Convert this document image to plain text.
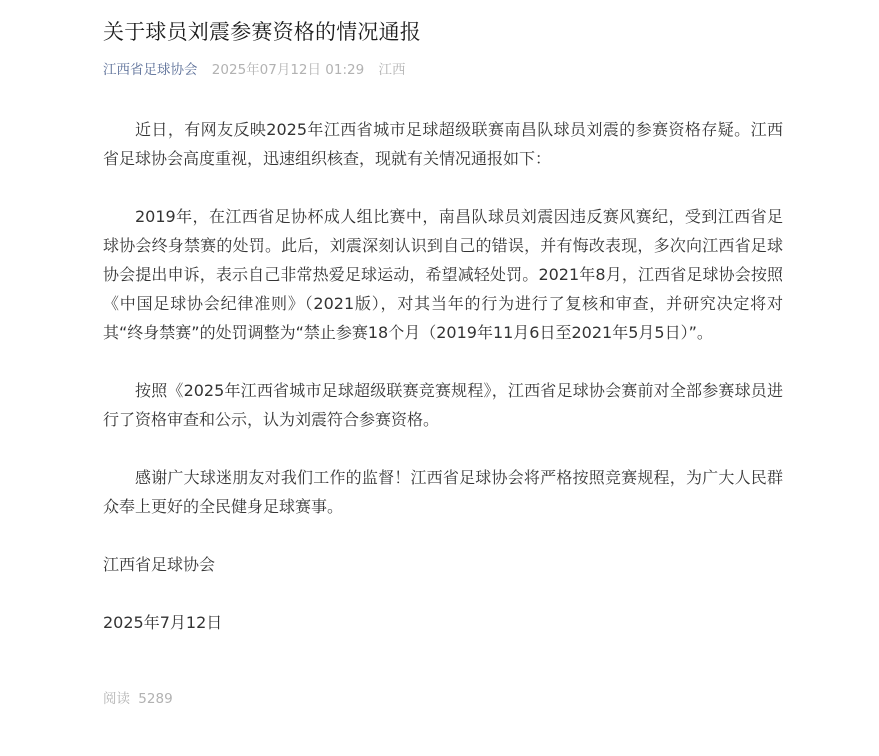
关于球员刘震参赛资格的情况通报
江西省足球协会 2025年07月12日 01:29 江西

近日，有网友反映2025年江西省城市足球超级联赛南昌队球员刘震的参赛资格存疑。江西省足球协会高度重视，迅速组织核查，现就有关情况通报如下：

2019年，在江西省足协杯成人组比赛中，南昌队球员刘震因违反赛风赛纪，受到江西省足球协会终身禁赛的处罚。此后，刘震深刻认识到自己的错误，并有悔改表现，多次向江西省足球协会提出申诉，表示自己非常热爱足球运动，希望减轻处罚。2021年8月，江西省足球协会按照《中国足球协会纪律准则》（2021版），对其当年的行为进行了复核和审查，并研究决定将对其“终身禁赛”的处罚调整为“禁止参赛18个月（2019年11月6日至2021年5月5日）”。

按照《2025年江西省城市足球超级联赛竞赛规程》，江西省足球协会赛前对全部参赛球员进行了资格审查和公示，认为刘震符合参赛资格。

感谢广大球迷朋友对我们工作的监督！江西省足球协会将严格按照竞赛规程，为广大人民群众奉上更好的全民健身足球赛事。

江西省足球协会

2025年7月12日

阅读 5289
